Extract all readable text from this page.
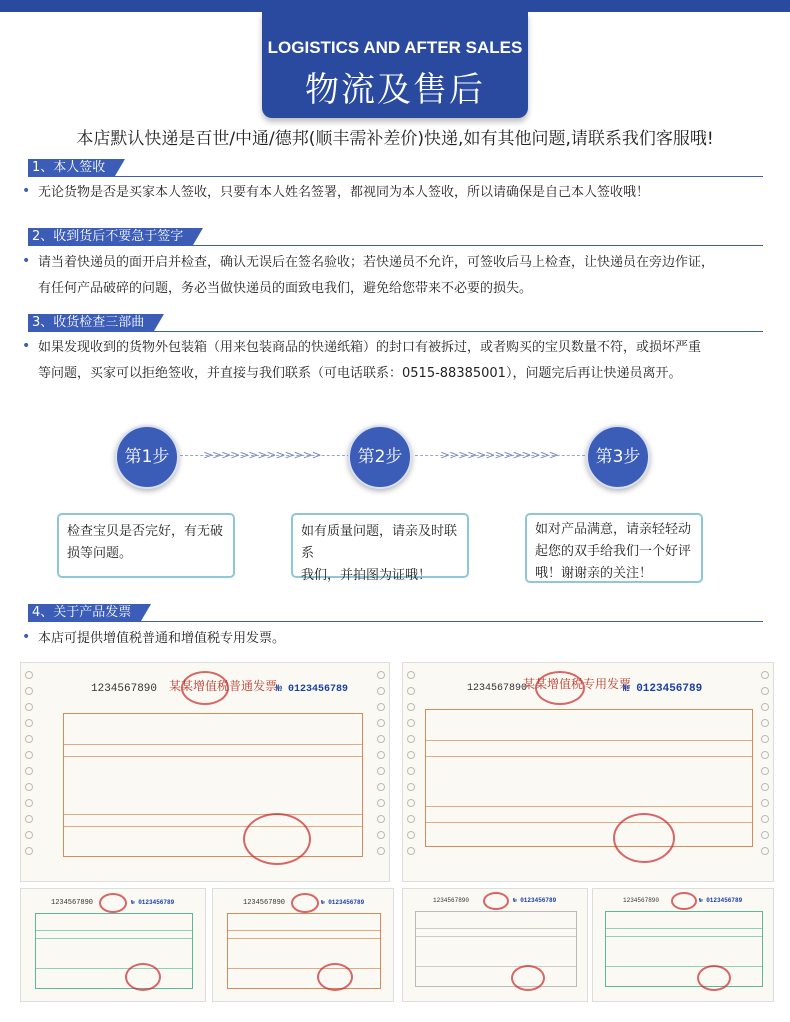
LOGISTICS AND AFTER SALES
物流及售后
本店默认快递是百世/中通/德邦(顺丰需补差价)快递,如有其他问题,请联系我们客服哦!
1、本人签收
• 无论货物是否是买家本人签收，只要有本人姓名签署，都视同为本人签收，所以请确保是自己本人签收哦！
2、收到货后不要急于签字
• 请当着快递员的面开启并检查，确认无误后在签名验收；若快递员不允许，可签收后马上检查，让快递员在旁边作证，
有任何产品破碎的问题，务必当做快递员的面致电我们，避免给您带来不必要的损失。
3、收货检查三部曲
• 如果发现收到的货物外包装箱（用来包装商品的快递纸箱）的封口有被拆过，或者购买的宝贝数量不符，或损坏严重
等问题，买家可以拒绝签收，并直接与我们联系（可电话联系：0515-88385001），问题完后再让快递员离开。
>>>>>>>>>>>>>	>>>>>>>>>>>>>
第1步	第2步	第3步
检查宝贝是否完好，有无破
损等问题。
如有质量问题，请亲及时联系
我们，并拍图为证哦！
如对产品满意，请亲轻轻动
起您的双手给我们一个好评
哦！谢谢亲的关注！
4、关于产品发票
• 本店可提供增值税普通和增值税专用发票。
1234567890 某某增值税普通发票
№ 0123456789	1234567890
某某增值税专用发票
№ 0123456789
1234567890	№ 0123456789	1234567890	№ 0123456789	1234567890	№ 0123456789	1234567890	№ 0123456789
